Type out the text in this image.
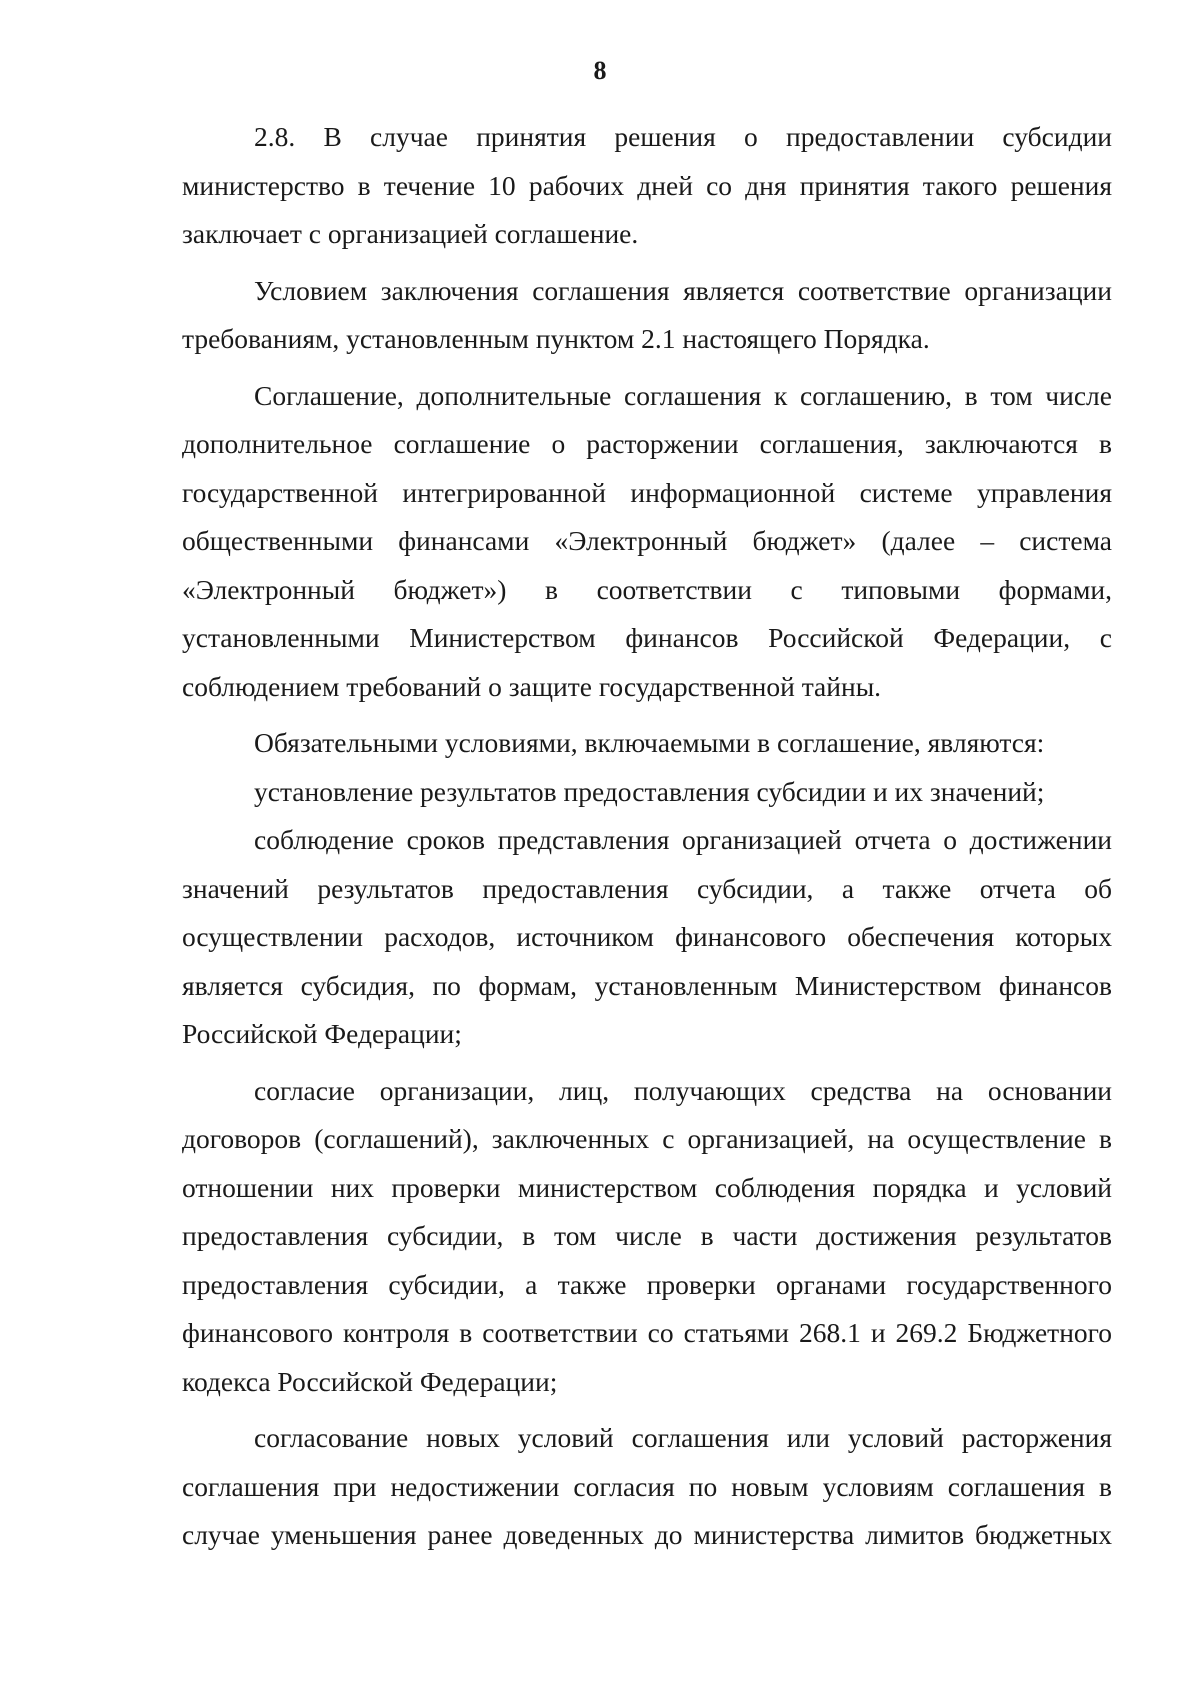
8

2.8. В случае принятия решения о предоставлении субсидии министерство в течение 10 рабочих дней со дня принятия такого решения заключает с организацией соглашение.

Условием заключения соглашения является соответствие организации требованиям, установленным пунктом 2.1 настоящего Порядка.

Соглашение, дополнительные соглашения к соглашению, в том числе дополнительное соглашение о расторжении соглашения, заключаются в государственной интегрированной информационной системе управления общественными финансами «Электронный бюджет» (далее – система «Электронный бюджет») в соответствии с типовыми формами, установленными Министерством финансов Российской Федерации, с соблюдением требований о защите государственной тайны.

Обязательными условиями, включаемыми в соглашение, являются:

установление результатов предоставления субсидии и их значений;

соблюдение сроков представления организацией отчета о достижении значений результатов предоставления субсидии, а также отчета об осуществлении расходов, источником финансового обеспечения которых является субсидия, по формам, установленным Министерством финансов Российской Федерации;

согласие организации, лиц, получающих средства на основании договоров (соглашений), заключенных с организацией, на осуществление в отношении них проверки министерством соблюдения порядка и условий предоставления субсидии, в том числе в части достижения результатов предоставления субсидии, а также проверки органами государственного финансового контроля в соответствии со статьями 268.1 и 269.2 Бюджетного кодекса Российской Федерации;

согласование новых условий соглашения или условий расторжения соглашения при недостижении согласия по новым условиям соглашения в случае уменьшения ранее доведенных до министерства лимитов бюджетных
